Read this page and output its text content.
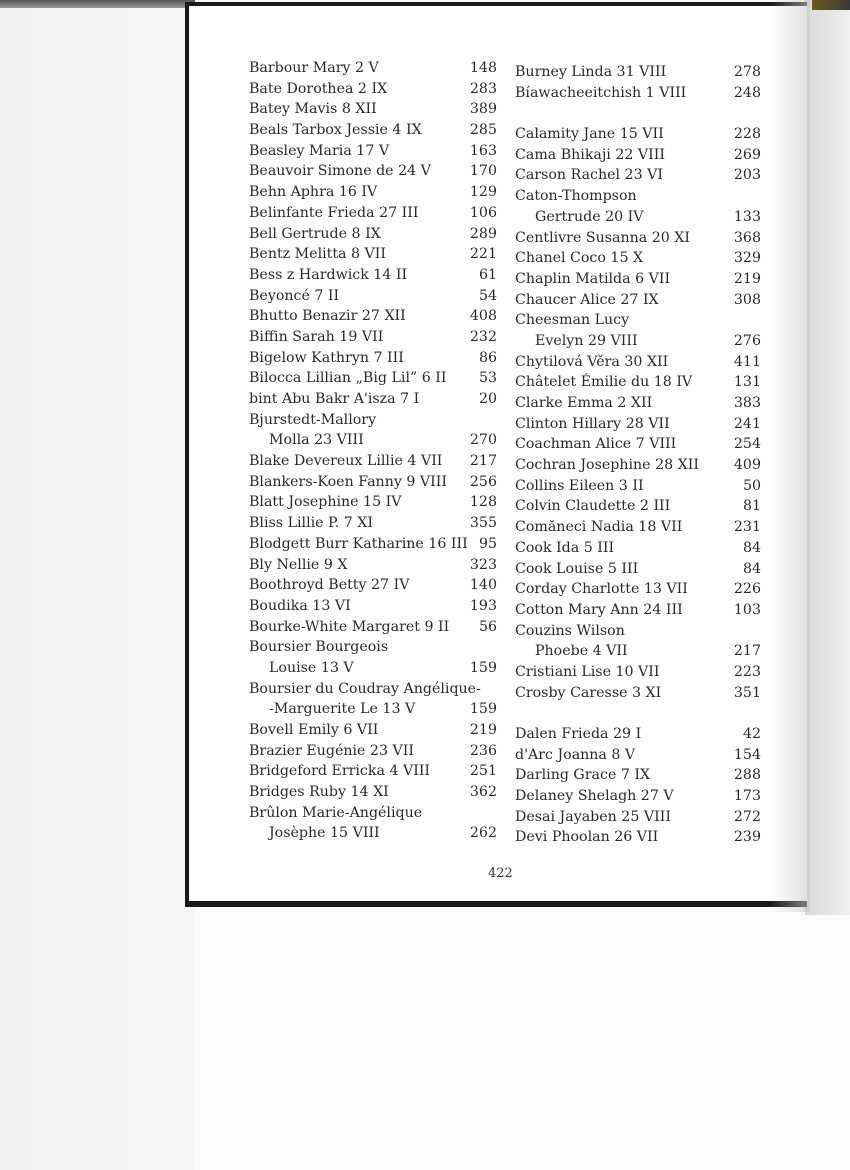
Barbour Mary 2 V	148
Bate Dorothea 2 IX	283
Batey Mavis 8 XII	389
Beals Tarbox Jessie 4 IX	285
Beasley Maria 17 V	163
Beauvoir Simone de 24 V	170
Behn Aphra 16 IV	129
Belinfante Frieda 27 III	106
Bell Gertrude 8 IX	289
Bentz Melitta 8 VII	221
Bess z Hardwick 14 II	61
Beyoncé 7 II	54
Bhutto Benazir 27 XII	408
Biffin Sarah 19 VII	232
Bigelow Kathryn 7 III	86
Bilocca Lillian „Big Lil” 6 II 53
bint Abu Bakr A'isza 7 I	20
Bjurstedt-Mallory
Molla 23 VIII	270
Blake Devereux Lillie 4 VII 217
Blankers-Koen Fanny 9 VIII 256
Blatt Josephine 15 IV	128
Bliss Lillie P. 7 XI	355
Blodgett Burr Katharine 16 III 95
Bly Nellie 9 X	323
Boothroyd Betty 27 IV	140
Boudika 13 VI	193
Bourke-White Margaret 9 II 56
Boursier Bourgeois
Louise 13 V	159
Boursier du Coudray Angélique-
-Marguerite Le 13 V	159
Bovell Emily 6 VII	219
Brazier Eugénie 23 VII	236
Bridgeford Erricka 4 VIII	251
Bridges Ruby 14 XI	362
Brûlon Marie-Angélique
Josèphe 15 VIII	262
Burney Linda 31 VIII	278
Bíawacheeitchish 1 VIII	248
Calamity Jane 15 VII	228
Cama Bhikaji 22 VIII	269
Carson Rachel 23 VI	203
Caton-Thompson
Gertrude 20 IV	133
Centlivre Susanna 20 XI	368
Chanel Coco 15 X	329
Chaplin Matilda 6 VII	219
Chaucer Alice 27 IX	308
Cheesman Lucy
Evelyn 29 VIII	276
Chytilová Věra 30 XII	411
Châtelet Émilie du 18 IV	131
Clarke Emma 2 XII	383
Clinton Hillary 28 VII	241
Coachman Alice 7 VIII	254
Cochran Josephine 28 XII 409
Collins Eileen 3 II	50
Colvin Claudette 2 III	81
Comăneci Nadia 18 VII	231
Cook Ida 5 III	84
Cook Louise 5 III	84
Corday Charlotte 13 VII	226
Cotton Mary Ann 24 III	103
Couzins Wilson
Phoebe 4 VII	217
Cristiani Lise 10 VII	223
Crosby Caresse 3 XI	351
Dalen Frieda 29 I	42
d'Arc Joanna 8 V	154
Darling Grace 7 IX	288
Delaney Shelagh 27 V	173
Desai Jayaben 25 VIII	272
Devi Phoolan 26 VII	239
422
